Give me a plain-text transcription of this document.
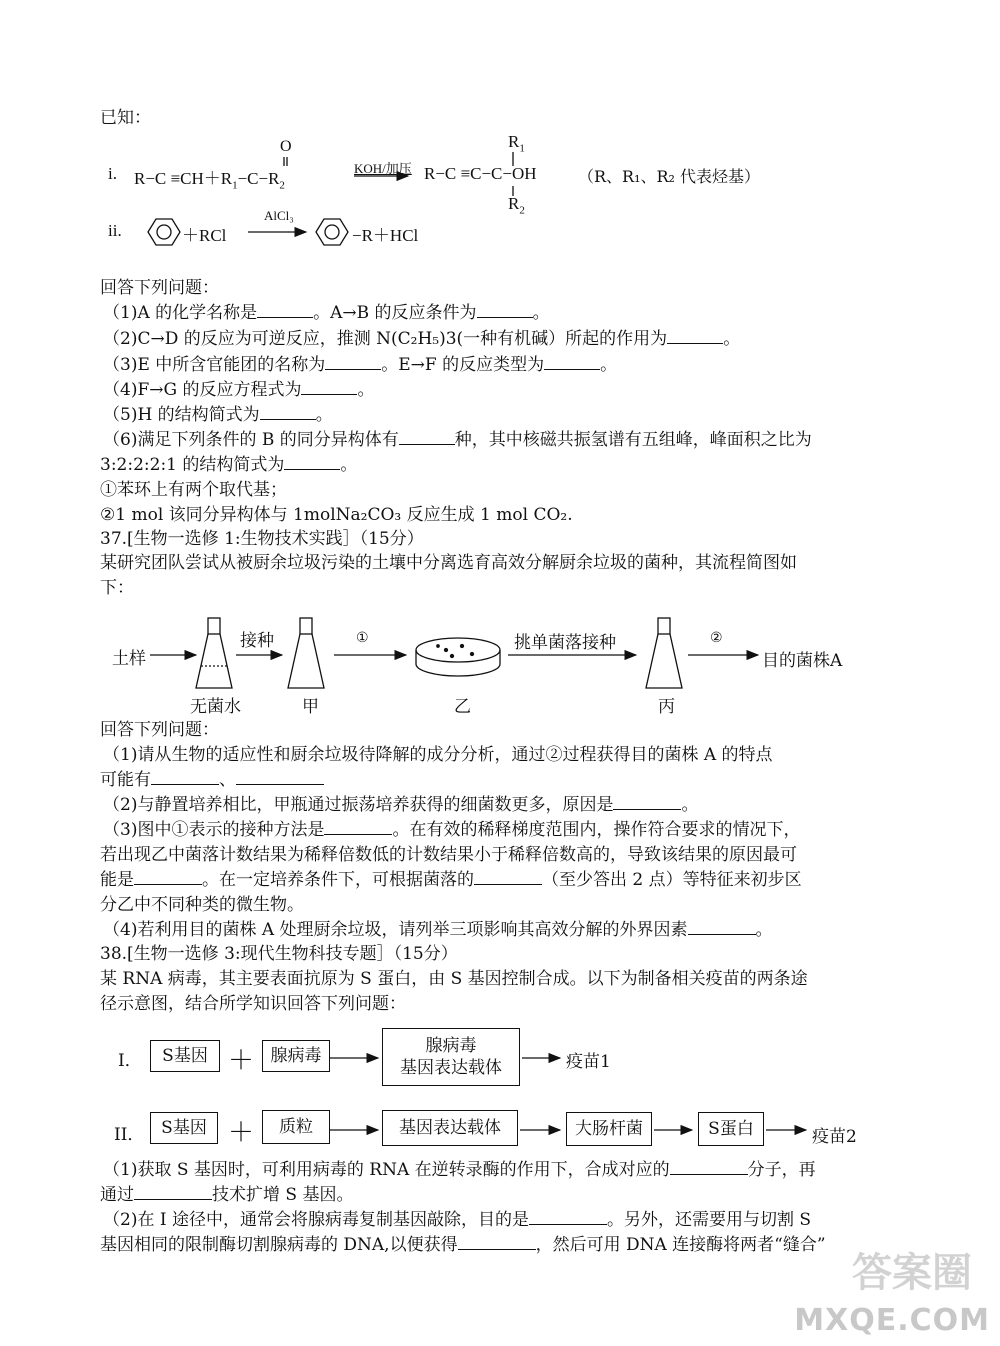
已知：
i. $R-C \equiv CH+R_1-C-R_2$
O
KOH/加压 R−C ≡C−C−OH
$R_1$
$R_2$
（R、R₁、R₂ 代表烃基）
ii.	＋RCl
AlCl₃
−R＋HCl
回答下列问题：
（1)A 的化学名称是	。A→B 的反应条件为	。
（2)C→D 的反应为可逆反应，推测 N(C₂H₅)3(一种有机碱）所起的作用为	。
（3)E 中所含官能团的名称为	。E→F 的反应类型为	。
（4)F→G 的反应方程式为	。
（5)H 的结构简式为	。
（6)满足下列条件的 B 的同分异构体有	种，其中核磁共振氢谱有五组峰，峰面积之比为
3:2:2:2:1 的结构简式为	。
①苯环上有两个取代基；
②1 mol 该同分异构体与 1molNa₂CO₃ 反应生成 1 mol CO₂.
37.[生物一选修 1:生物技术实践］（15分）
某研究团队尝试从被厨余垃圾污染的土壤中分离选育高效分解厨余垃圾的菌种，其流程简图如
下：
土样
接种	①	挑单菌落接种	②
目的菌株A
无菌水	甲	乙	丙
回答下列问题：
（1)请从生物的适应性和厨余垃圾待降解的成分分析，通过②过程获得目的菌株 A 的特点
可能有	、
（2)与静置培养相比，甲瓶通过振荡培养获得的细菌数更多，原因是	。
（3)图中①表示的接种方法是	。在有效的稀释梯度范围内，操作符合要求的情况下，
若出现乙中菌落计数结果为稀释倍数低的计数结果小于稀释倍数高的，导致该结果的原因最可
能是	。在一定培养条件下，可根据菌落的	（至少答出 2 点）等特征来初步区
分乙中不同种类的微生物。
（4)若利用目的菌株 A 处理厨余垃圾，请列举三项影响其高效分解的外界因素	。
38.[生物一选修 3:现代生物科技专题］（15分）
某 RNA 病毒，其主要表面抗原为 S 蛋白，由 S 基因控制合成。以下为制备相关疫苗的两条途
径示意图，结合所学知识回答下列问题：
I．	S基因 ＋ 腺病毒	腺病毒
基因表达载体	疫苗1
II． S基因 ＋	质粒	基因表达载体	大肠杆菌	S蛋白	疫苗2
（1)获取 S 基因时，可利用病毒的 RNA 在逆转录酶的作用下，合成对应的	分子，再
通过	技术扩增 S 基因。
（2)在 I 途径中，通常会将腺病毒复制基因敲除，目的是	。另外，还需要用与切割 S
基因相同的限制酶切割腺病毒的 DNA,以便获得	，然后可用 DNA 连接酶将两者“缝合”
答案圈
MXQE.COM
